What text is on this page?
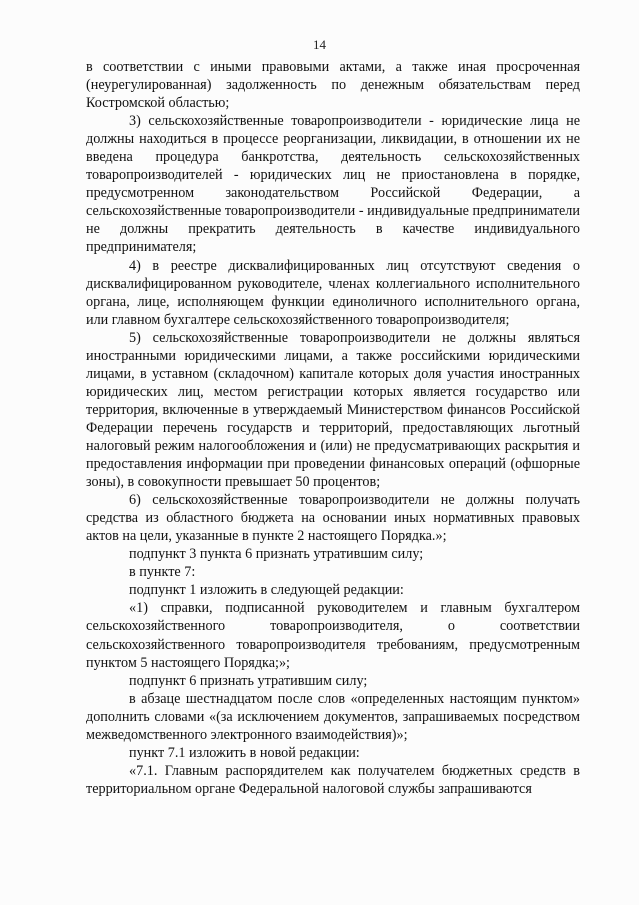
14

в соответствии с иными правовыми актами, а также иная просроченная (неурегулированная) задолженность по денежным обязательствам перед Костромской областью;

3) сельскохозяйственные товаропроизводители - юридические лица не должны находиться в процессе реорганизации, ликвидации, в отношении их не введена процедура банкротства, деятельность сельскохозяйственных товаропроизводителей - юридических лиц не приостановлена в порядке, предусмотренном законодательством Российской Федерации, а сельскохозяйственные товаропроизводители - индивидуальные предприниматели не должны прекратить деятельность в качестве индивидуального предпринимателя;

4) в реестре дисквалифицированных лиц отсутствуют сведения о дисквалифицированном руководителе, членах коллегиального исполнительного органа, лице, исполняющем функции единоличного исполнительного органа, или главном бухгалтере сельскохозяйственного товаропроизводителя;

5) сельскохозяйственные товаропроизводители не должны являться иностранными юридическими лицами, а также российскими юридическими лицами, в уставном (складочном) капитале которых доля участия иностранных юридических лиц, местом регистрации которых является государство или территория, включенные в утверждаемый Министерством финансов Российской Федерации перечень государств и территорий, предоставляющих льготный налоговый режим налогообложения и (или) не предусматривающих раскрытия и предоставления информации при проведении финансовых операций (офшорные зоны), в совокупности превышает 50 процентов;

6) сельскохозяйственные товаропроизводители не должны получать средства из областного бюджета на основании иных нормативных правовых актов на цели, указанные в пункте 2 настоящего Порядка.»;

подпункт 3 пункта 6 признать утратившим силу;

в пункте 7:

подпункт 1 изложить в следующей редакции:

«1) справки, подписанной руководителем и главным бухгалтером сельскохозяйственного товаропроизводителя, о соответствии сельскохозяйственного товаропроизводителя требованиям, предусмотренным пунктом 5 настоящего Порядка;»;

подпункт 6 признать утратившим силу;

в абзаце шестнадцатом после слов «определенных настоящим пунктом» дополнить словами «(за исключением документов, запрашиваемых посредством межведомственного электронного взаимодействия)»;

пункт 7.1 изложить в новой редакции:

«7.1. Главным распорядителем как получателем бюджетных средств в территориальном органе Федеральной налоговой службы запрашиваются
